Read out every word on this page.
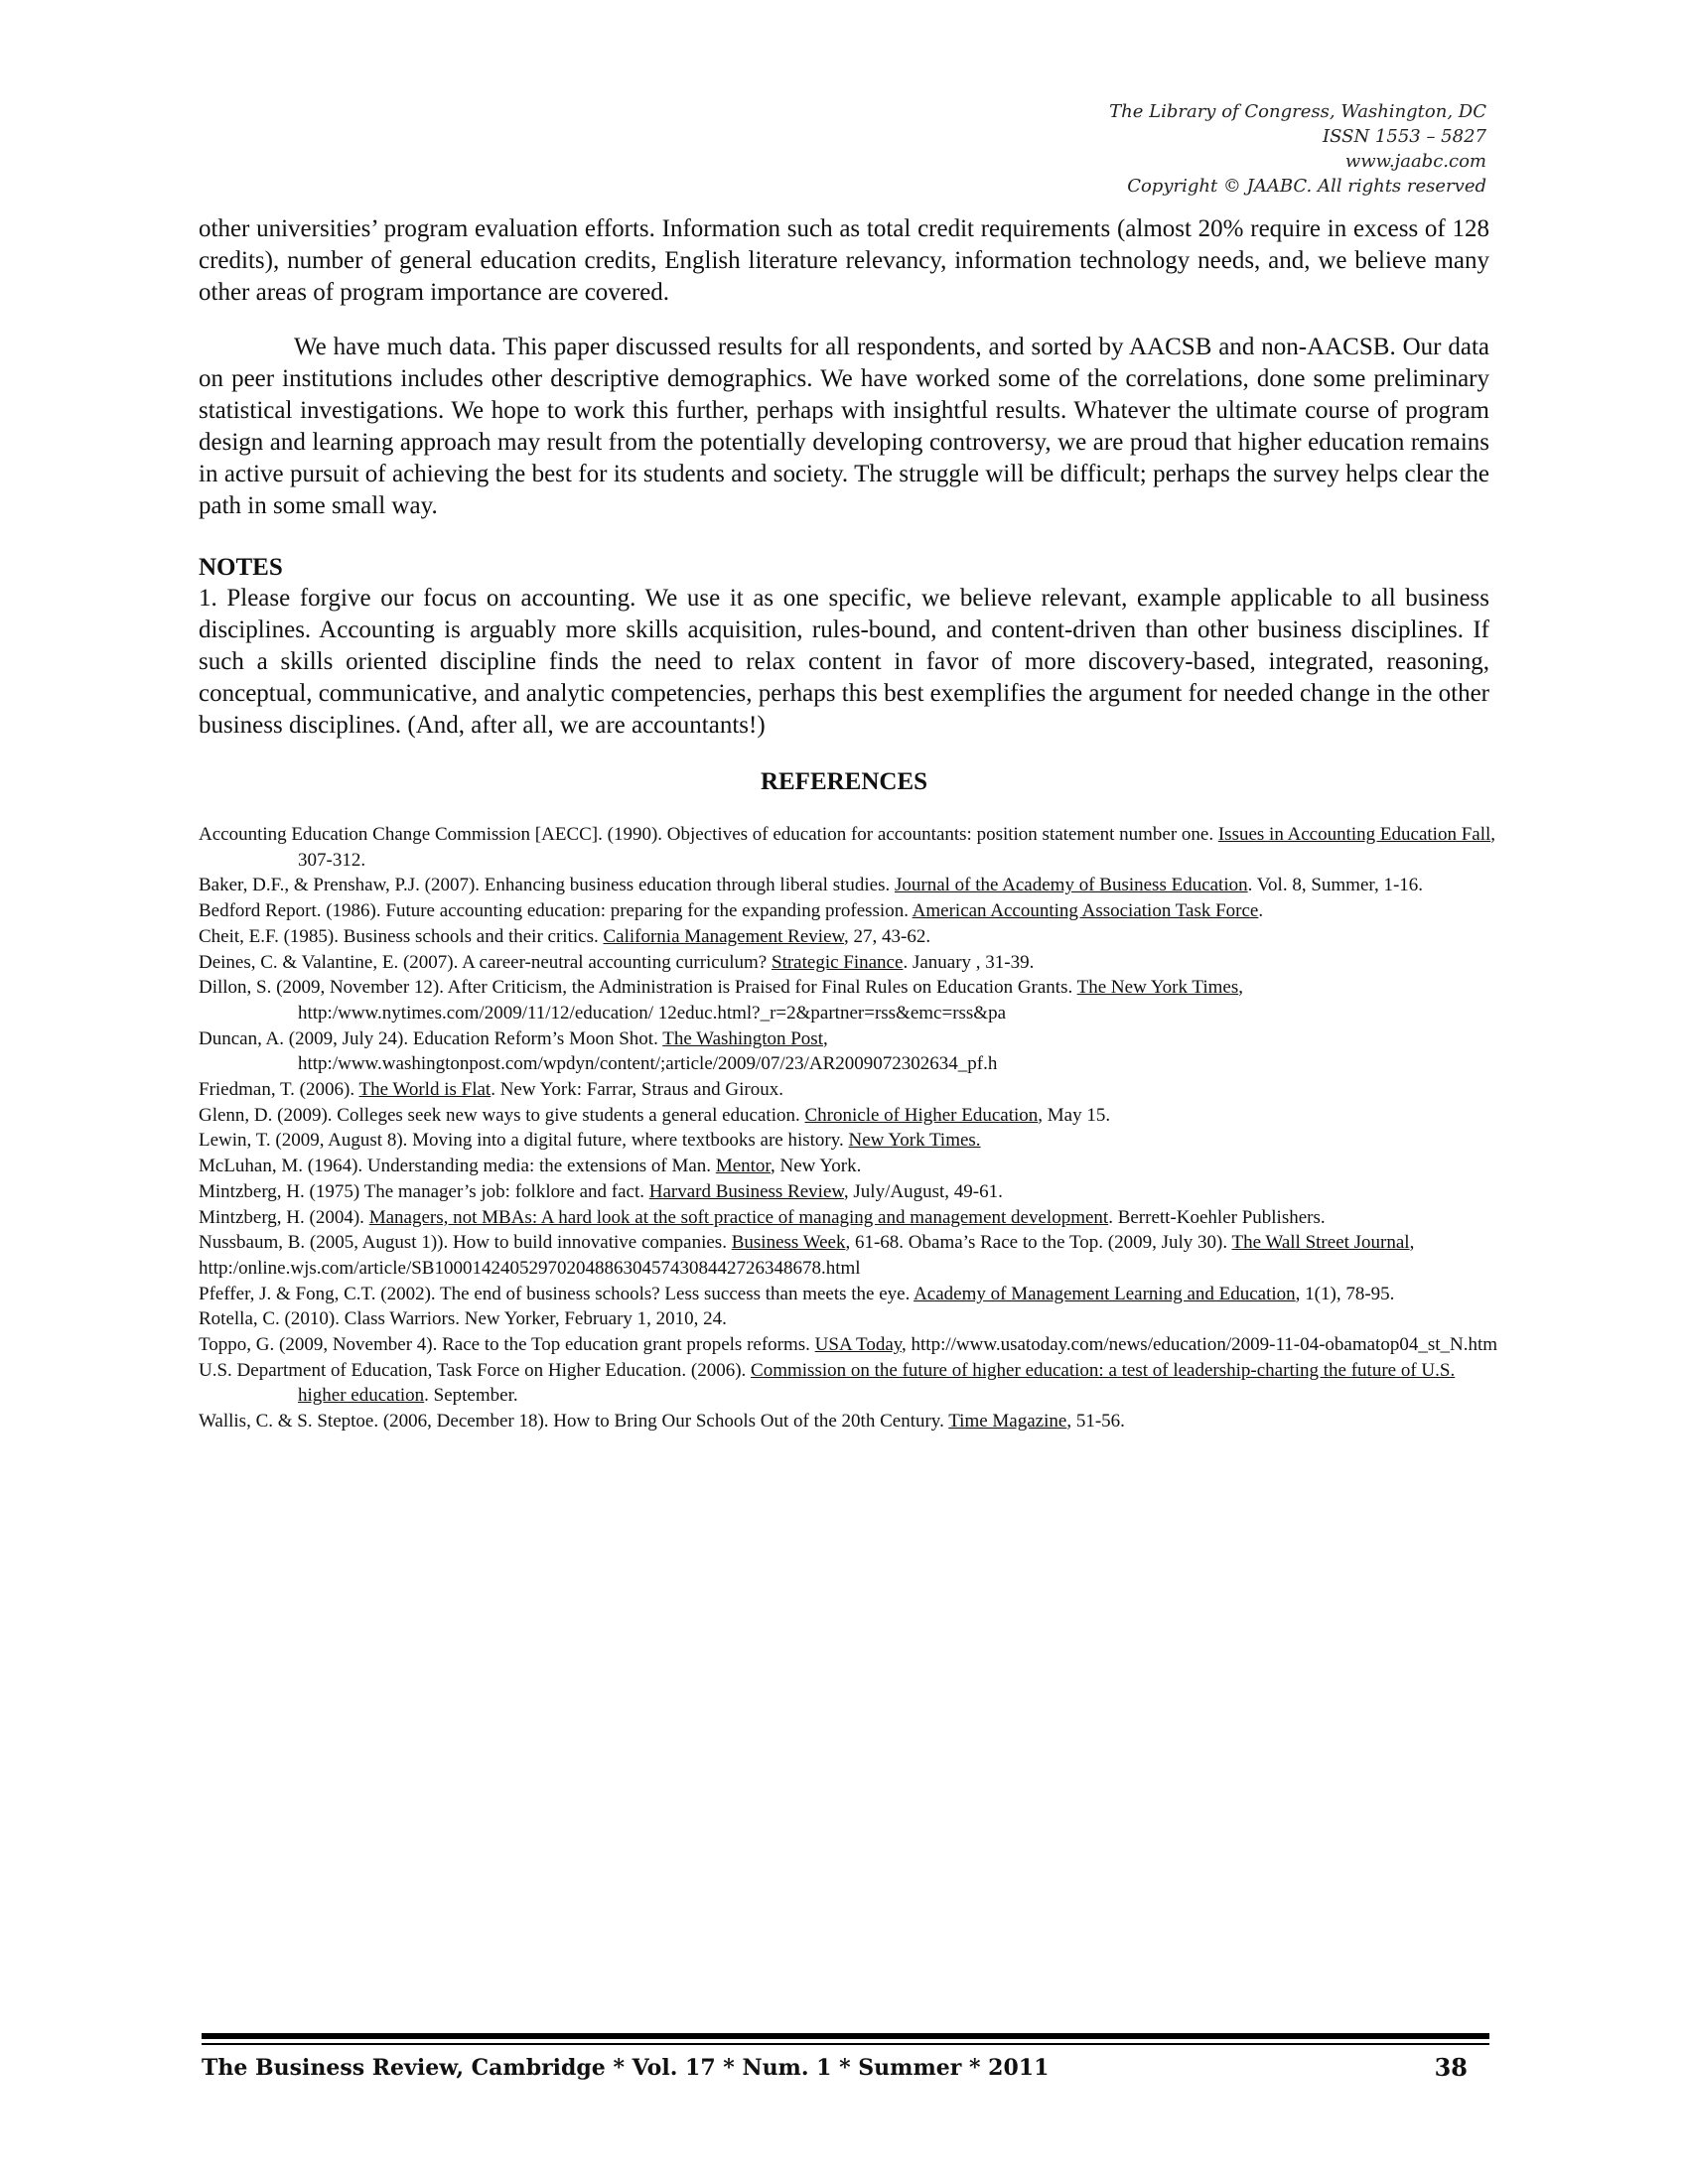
The Library of Congress, Washington, DC
ISSN 1553 – 5827
www.jaabc.com
Copyright © JAABC. All rights reserved
other universities’ program evaluation efforts. Information such as total credit requirements (almost 20% require in excess of 128 credits), number of general education credits, English literature relevancy, information technology needs, and, we believe many other areas of program importance are covered.
We have much data. This paper discussed results for all respondents, and sorted by AACSB and non-AACSB. Our data on peer institutions includes other descriptive demographics. We have worked some of the correlations, done some preliminary statistical investigations. We hope to work this further, perhaps with insightful results. Whatever the ultimate course of program design and learning approach may result from the potentially developing controversy, we are proud that higher education remains in active pursuit of achieving the best for its students and society. The struggle will be difficult; perhaps the survey helps clear the path in some small way.
NOTES
1. Please forgive our focus on accounting. We use it as one specific, we believe relevant, example applicable to all business disciplines. Accounting is arguably more skills acquisition, rules-bound, and content-driven than other business disciplines. If such a skills oriented discipline finds the need to relax content in favor of more discovery-based, integrated, reasoning, conceptual, communicative, and analytic competencies, perhaps this best exemplifies the argument for needed change in the other business disciplines. (And, after all, we are accountants!)
REFERENCES
Accounting Education Change Commission [AECC]. (1990). Objectives of education for accountants: position statement number one. Issues in Accounting Education Fall, 307-312.
Baker, D.F., & Prenshaw, P.J. (2007). Enhancing business education through liberal studies. Journal of the Academy of Business Education. Vol. 8, Summer, 1-16.
Bedford Report. (1986). Future accounting education: preparing for the expanding profession. American Accounting Association Task Force.
Cheit, E.F. (1985). Business schools and their critics. California Management Review, 27, 43-62.
Deines, C. & Valantine, E. (2007). A career-neutral accounting curriculum? Strategic Finance. January , 31-39.
Dillon, S. (2009, November 12). After Criticism, the Administration is Praised for Final Rules on Education Grants. The New York Times, http:/www.nytimes.com/2009/11/12/education/ 12educ.html?_r=2&partner=rss&emc=rss&pa
Duncan, A. (2009, July 24). Education Reform’s Moon Shot. The Washington Post, http:/www.washingtonpost.com/wpdyn/content/;article/2009/07/23/AR2009072302634_pf.h
Friedman, T. (2006). The World is Flat. New York: Farrar, Straus and Giroux.
Glenn, D. (2009). Colleges seek new ways to give students a general education. Chronicle of Higher Education, May 15.
Lewin, T. (2009, August 8). Moving into a digital future, where textbooks are history. New York Times.
McLuhan, M. (1964). Understanding media: the extensions of Man. Mentor, New York.
Mintzberg, H. (1975) The manager’s job: folklore and fact. Harvard Business Review, July/August, 49-61.
Mintzberg, H. (2004). Managers, not MBAs: A hard look at the soft practice of managing and management development. Berrett-Koehler Publishers.
Nussbaum, B. (2005, August 1)). How to build innovative companies. Business Week, 61-68. Obama’s Race to the Top. (2009, July 30). The Wall Street Journal,
http:/online.wjs.com/article/SB10001424052970204886304574308442726348678.html
Pfeffer, J. & Fong, C.T. (2002). The end of business schools? Less success than meets the eye. Academy of Management Learning and Education, 1(1), 78-95.
Rotella, C. (2010). Class Warriors. New Yorker, February 1, 2010, 24.
Toppo, G. (2009, November 4). Race to the Top education grant propels reforms. USA Today, http://www.usatoday.com/news/education/2009-11-04-obamatop04_st_N.htm
U.S. Department of Education, Task Force on Higher Education. (2006). Commission on the future of higher education: a test of leadership-charting the future of U.S. higher education. September.
Wallis, C. & S. Steptoe. (2006, December 18). How to Bring Our Schools Out of the 20th Century. Time Magazine, 51-56.
The Business Review, Cambridge * Vol. 17 * Num. 1 * Summer * 2011	38
